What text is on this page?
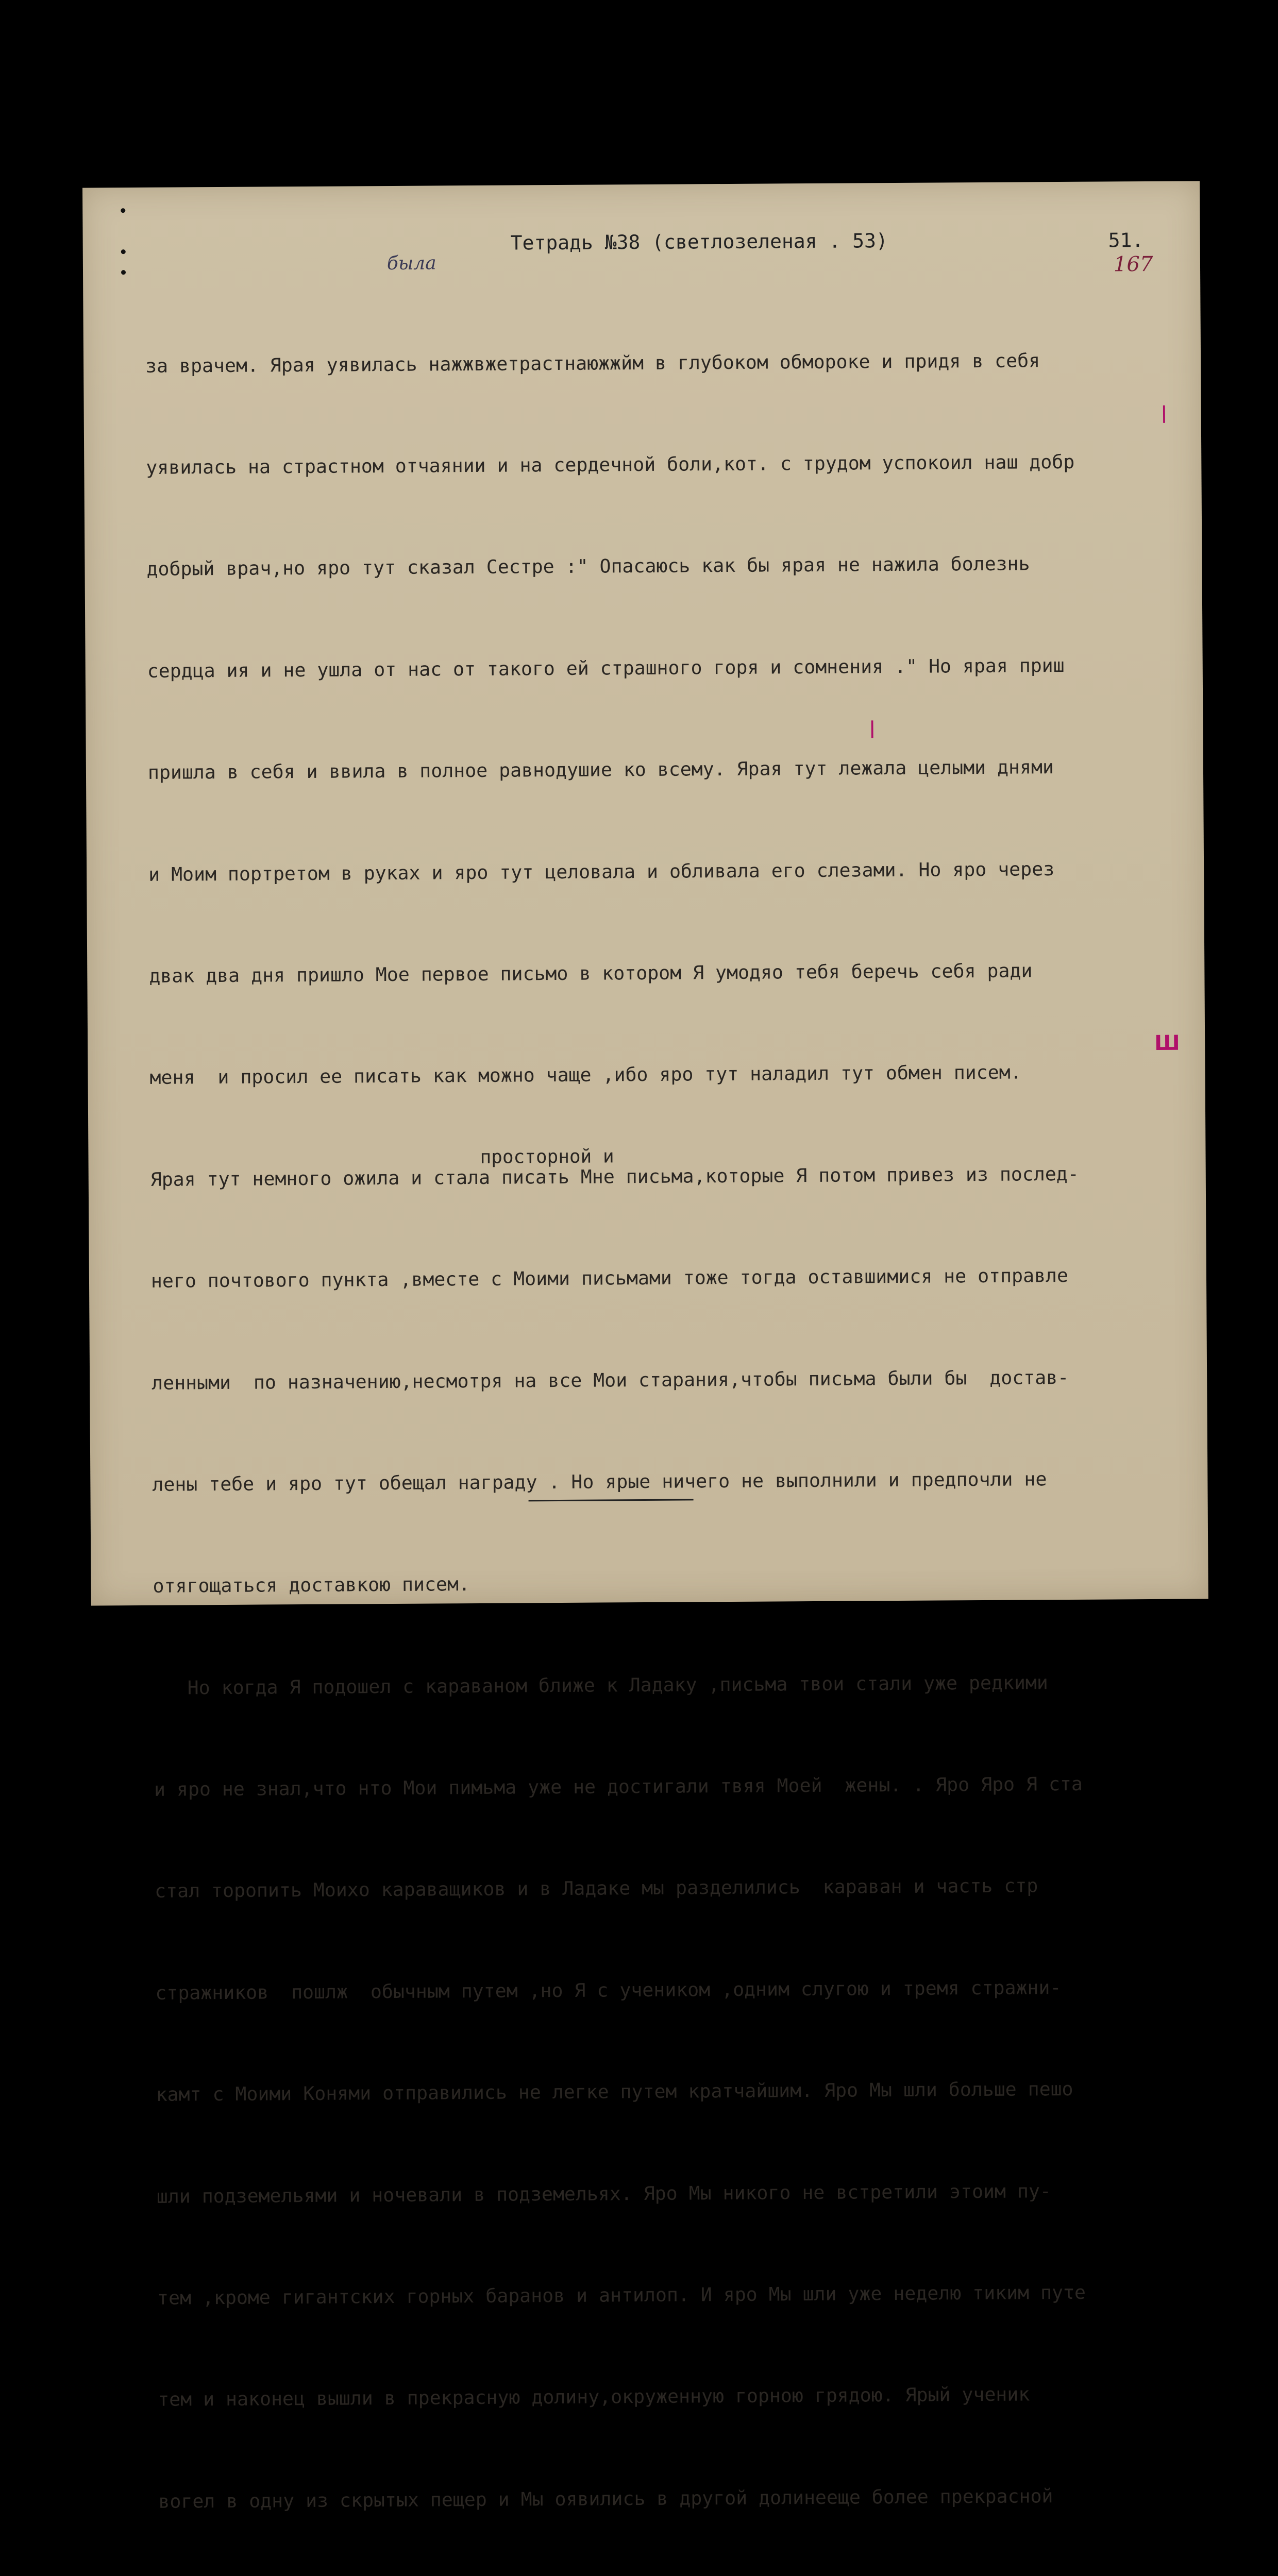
Тетрадь №38 (светлозеленая . 53)	51.
167
была

за врачем. Ярая уявилась нажжвжетрастнаюжжйм в глубоком обмороке и придя в себя

уявилась на страстном отчаянии и на сердечной боли,кот. с трудом успокоил наш добр

добрый врач,но яро тут сказал Сестре :" Опасаюсь как бы ярая не нажила болезнь

сердца ия и не ушла от нас от такого ей страшного горя и сомнения ." Но ярая приш

пришла в себя и ввила в полное равнодушие ко всему. Ярая тут лежала целыми днями

и Моим портретом в руках и яро тут целовала и обливала его слезами. Но яро через

двак два дня пришло Мое первое письмо в котором Я умодяо тебя беречь себя ради

меня  и просил ее писать как можно чаще ,ибо яро тут наладил тут обмен писем.

Ярая тут немного ожила и стала писать Мне письма,которые Я потом привез из послед-

него почтового пункта ,вместе с Моими письмами тоже тогда оставшимися не отправле

ленными  по назначению,несмотря на все Мои старания,чтобы письма были бы  достав-

лены тебе и яро тут обещал награду . Но ярые ничего не выполнили и предпочли не

отягощаться доставкою писем.

Но когда Я подошел с караваном ближе к Ладаку ,письма твои стали уже редкими

и яро не знал,что нто Мои пимьма уже не достигали твяя Моей  жены. . Яро Яро Я ста

стал торопить Моихо караващиков и в Ладаке мы разделились  караван и часть стр

стражников  пошлж  обычным путем ,но Я с учеником ,одним слугою и тремя стражни-

камт с Моими Конями отправились не легке путем кратчайшим. Яро Мы шли больше пешо

шли подземельями и ночевали в подземельях. Яро Мы никого не встретили этоим пу-

тем ,кроме гигантских горных баранов и антилоп. И яро Мы шли уже неделю тиким пуτе

тем и наконец вышли в прекрасную долину,окруженную горною грядою. Ярый ученик

вогел в одну из скрытых пещер и Мы оявились в другой долинееще более прекрасной

просторной и
|
Ш
|
